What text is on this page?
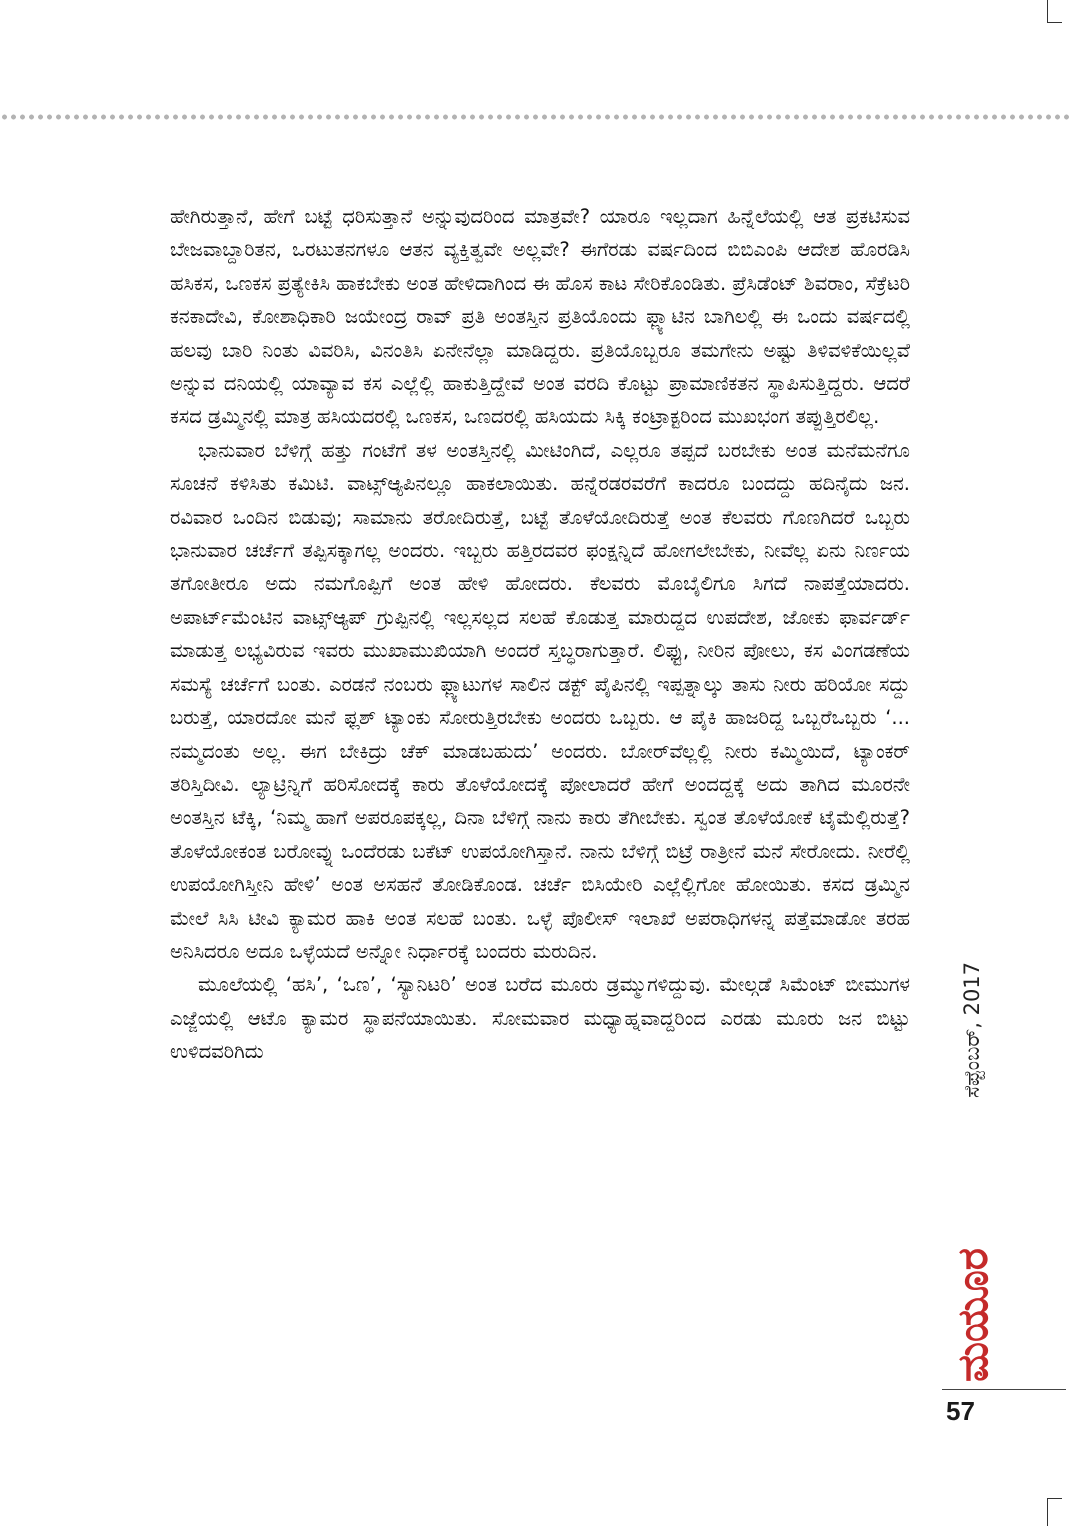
ಹೇಗಿರುತ್ತಾನೆ, ಹೇಗೆ ಬಟ್ಟೆ ಧರಿಸುತ್ತಾನೆ ಅನ್ನುವುದರಿಂದ ಮಾತ್ರವೇ? ಯಾರೂ ಇಲ್ಲದಾಗ ಹಿನ್ನೆಲೆಯಲ್ಲಿ ಆತ ಪ್ರಕಟಿಸುವ ಬೇಜವಾಬ್ದಾರಿತನ, ಒರಟುತನಗಳೂ ಆತನ ವ್ಯಕ್ತಿತ್ವವೇ ಅಲ್ಲವೇ? ಈಗೆರಡು ವರ್ಷದಿಂದ ಬಿಬಿಎಂಪಿ ಆದೇಶ ಹೊರಡಿಸಿ ಹಸಿಕಸ, ಒಣಕಸ ಪ್ರತ್ಯೇಕಿಸಿ ಹಾಕಬೇಕು ಅಂತ ಹೇಳಿದಾಗಿಂದ ಈ ಹೊಸ ಕಾಟ ಸೇರಿಕೊಂಡಿತು. ಪ್ರೆಸಿಡೆಂಟ್ ಶಿವರಾಂ, ಸೆಕ್ರೆಟರಿ ಕನಕಾದೇವಿ, ಕೋಶಾಧಿಕಾರಿ ಜಯೇಂದ್ರ ರಾವ್ ಪ್ರತಿ ಅಂತಸ್ತಿನ ಪ್ರತಿಯೊಂದು ಫ್ಲ್ಯಾಟಿನ ಬಾಗಿಲಲ್ಲಿ ಈ ಒಂದು ವರ್ಷದಲ್ಲಿ ಹಲವು ಬಾರಿ ನಿಂತು ವಿವರಿಸಿ, ವಿನಂತಿಸಿ ಏನೇನೆಲ್ಲಾ ಮಾಡಿದ್ದರು. ಪ್ರತಿಯೊಬ್ಬರೂ ತಮಗೇನು ಅಷ್ಟು ತಿಳಿವಳಿಕೆಯಿಲ್ಲವೆ ಅನ್ನುವ ದನಿಯಲ್ಲಿ ಯಾವ್ಯಾವ ಕಸ ಎಲ್ಲೆಲ್ಲಿ ಹಾಕುತ್ತಿದ್ದೇವೆ ಅಂತ ವರದಿ ಕೊಟ್ಟು ಪ್ರಾಮಾಣಿಕತನ ಸ್ಥಾಪಿಸುತ್ತಿದ್ದರು. ಆದರೆ ಕಸದ ಡ್ರಮ್ಮಿನಲ್ಲಿ ಮಾತ್ರ ಹಸಿಯದರಲ್ಲಿ ಒಣಕಸ, ಒಣದರಲ್ಲಿ ಹಸಿಯದು ಸಿಕ್ಕಿ ಕಂಟ್ರಾಕ್ಟರಿಂದ ಮುಖಭಂಗ ತಪ್ಪುತ್ತಿರಲಿಲ್ಲ.

ಭಾನುವಾರ ಬೆಳಿಗ್ಗೆ ಹತ್ತು ಗಂಟೆಗೆ ತಳ ಅಂತಸ್ತಿನಲ್ಲಿ ಮೀಟಿಂಗಿದೆ, ಎಲ್ಲರೂ ತಪ್ಪದೆ ಬರಬೇಕು ಅಂತ ಮನೆಮನೆಗೂ ಸೂಚನೆ ಕಳಿಸಿತು ಕಮಿಟಿ. ವಾಟ್ಸ್‌ಆ್ಯಪಿನಲ್ಲೂ ಹಾಕಲಾಯಿತು. ಹನ್ನೆರಡರವರೆಗೆ ಕಾದರೂ ಬಂದದ್ದು ಹದಿನೈದು ಜನ. ರವಿವಾರ ಒಂದಿನ ಬಿಡುವು; ಸಾಮಾನು ತರೋದಿರುತ್ತೆ, ಬಟ್ಟೆ ತೊಳೆಯೋದಿರುತ್ತೆ ಅಂತ ಕೆಲವರು ಗೊಣಗಿದರೆ ಒಬ್ಬರು ಭಾನುವಾರ ಚರ್ಚೆಗೆ ತಪ್ಪಿಸಕ್ಕಾಗಲ್ಲ ಅಂದರು. ಇಬ್ಬರು ಹತ್ತಿರದವರ ಫಂಕ್ಷನ್ನಿದೆ ಹೋಗಲೇಬೇಕು, ನೀವೆಲ್ಲ ಏನು ನಿರ್ಣಯ ತಗೋತೀರೂ ಅದು ನಮಗೊಪ್ಪಿಗೆ ಅಂತ ಹೇಳಿ ಹೋದರು. ಕೆಲವರು ಮೊಬೈಲಿಗೂ ಸಿಗದೆ ನಾಪತ್ತೆಯಾದರು. ಅಪಾರ್ಟ್‌ಮೆಂಟಿನ ವಾಟ್ಸ್‌ಆ್ಯಪ್ ಗ್ರುಪ್ಪಿನಲ್ಲಿ ಇಲ್ಲಸಲ್ಲದ ಸಲಹೆ ಕೊಡುತ್ತ ಮಾರುದ್ದದ ಉಪದೇಶ, ಜೋಕು ಫಾರ್ವರ್ಡ್ ಮಾಡುತ್ತ ಲಭ್ಯವಿರುವ ಇವರು ಮುಖಾಮುಖಿಯಾಗಿ ಅಂದರೆ ಸ್ತಬ್ಧರಾಗುತ್ತಾರೆ. ಲಿಫ್ಟು, ನೀರಿನ ಪೋಲು, ಕಸ ವಿಂಗಡಣೆಯ ಸಮಸ್ಯೆ ಚರ್ಚೆಗೆ ಬಂತು. ಎರಡನೆ ನಂಬರು ಫ್ಲ್ಯಾಟುಗಳ ಸಾಲಿನ ಡಕ್ಟ್ ಪೈಪಿನಲ್ಲಿ ಇಪ್ಪತ್ನಾಲ್ಕು ತಾಸು ನೀರು ಹರಿಯೋ ಸದ್ದು ಬರುತ್ತೆ, ಯಾರದೋ ಮನೆ ಫ್ಲಶ್ ಟ್ಯಾಂಕು ಸೋರುತ್ತಿರಬೇಕು ಅಂದರು ಒಬ್ಬರು. ಆ ಪೈಕಿ ಹಾಜರಿದ್ದ ಒಬ್ಬರೆಒಬ್ಬರು ‘... ನಮ್ಮದಂತು ಅಲ್ಲ. ಈಗ ಬೇಕಿದ್ರು ಚೆಕ್ ಮಾಡಬಹುದು’ ಅಂದರು. ಬೋರ್‌ವೆಲ್ಲಲ್ಲಿ ನೀರು ಕಮ್ಮಿಯಿದೆ, ಟ್ಯಾಂಕರ್ ತರಿಸ್ತಿದೀವಿ. ಲ್ಯಾಟ್ರಿನ್ನಿಗೆ ಹರಿಸೋದಕ್ಕೆ ಕಾರು ತೊಳೆಯೋದಕ್ಕೆ ಪೋಲಾದರೆ ಹೇಗೆ ಅಂದದ್ದಕ್ಕೆ ಅದು ತಾಗಿದ ಮೂರನೇ ಅಂತಸ್ತಿನ ಟೆಕ್ಕಿ, ‘ನಿಮ್ಮ ಹಾಗೆ ಅಪರೂಪಕ್ಕಲ್ಲ, ದಿನಾ ಬೆಳಿಗ್ಗೆ ನಾನು ಕಾರು ತೆಗೀಬೇಕು. ಸ್ವಂತ ತೊಳೆಯೋಕೆ ಟೈಮೆಲ್ಲಿರುತ್ತೆ? ತೊಳೆಯೋಕಂತ ಬರೋವ್ನು ಒಂದೆರಡು ಬಕೆಟ್ ಉಪಯೋಗಿಸ್ತಾನೆ. ನಾನು ಬೆಳಿಗ್ಗೆ ಬಿಟ್ರೆ ರಾತ್ರೀನೆ ಮನೆ ಸೇರೋದು. ನೀರೆಲ್ಲಿ ಉಪಯೋಗಿಸ್ತೀನಿ ಹೇಳಿ’ ಅಂತ ಅಸಹನೆ ತೋಡಿಕೊಂಡ. ಚರ್ಚೆ ಬಿಸಿಯೇರಿ ಎಲ್ಲೆಲ್ಲಿಗೋ ಹೋಯಿತು. ಕಸದ ಡ್ರಮ್ಮಿನ ಮೇಲೆ ಸಿಸಿ ಟೀವಿ ಕ್ಯಾಮರ ಹಾಕಿ ಅಂತ ಸಲಹೆ ಬಂತು. ಒಳ್ಳೆ ಪೊಲೀಸ್ ಇಲಾಖೆ ಅಪರಾಧಿಗಳನ್ನ ಪತ್ತೆಮಾಡೋ ತರಹ ಅನಿಸಿದರೂ ಅದೂ ಒಳ್ಳೆಯದೆ ಅನ್ನೋ ನಿರ್ಧಾರಕ್ಕೆ ಬಂದರು ಮರುದಿನ.

ಮೂಲೆಯಲ್ಲಿ ‘ಹಸಿ’, ‘ಒಣ’, ‘ಸ್ಯಾನಿಟರಿ’ ಅಂತ ಬರೆದ ಮೂರು ಡ್ರಮ್ಮುಗಳಿದ್ದುವು. ಮೇಲ್ಗಡೆ ಸಿಮೆಂಟ್ ಬೀಮುಗಳ ಎಜ್ಜೆಯಲ್ಲಿ ಆಟೊ ಕ್ಯಾಮರ ಸ್ಥಾಪನೆಯಾಯಿತು. ಸೋಮವಾರ ಮಧ್ಯಾಹ್ನವಾದ್ದರಿಂದ ಎರಡು ಮೂರು ಜನ ಬಿಟ್ಟು ಉಳಿದವರಿಗಿದು	ಸೆಪ್ಟೆಂಬರ್, 2017
ಮಯೂರ
57
